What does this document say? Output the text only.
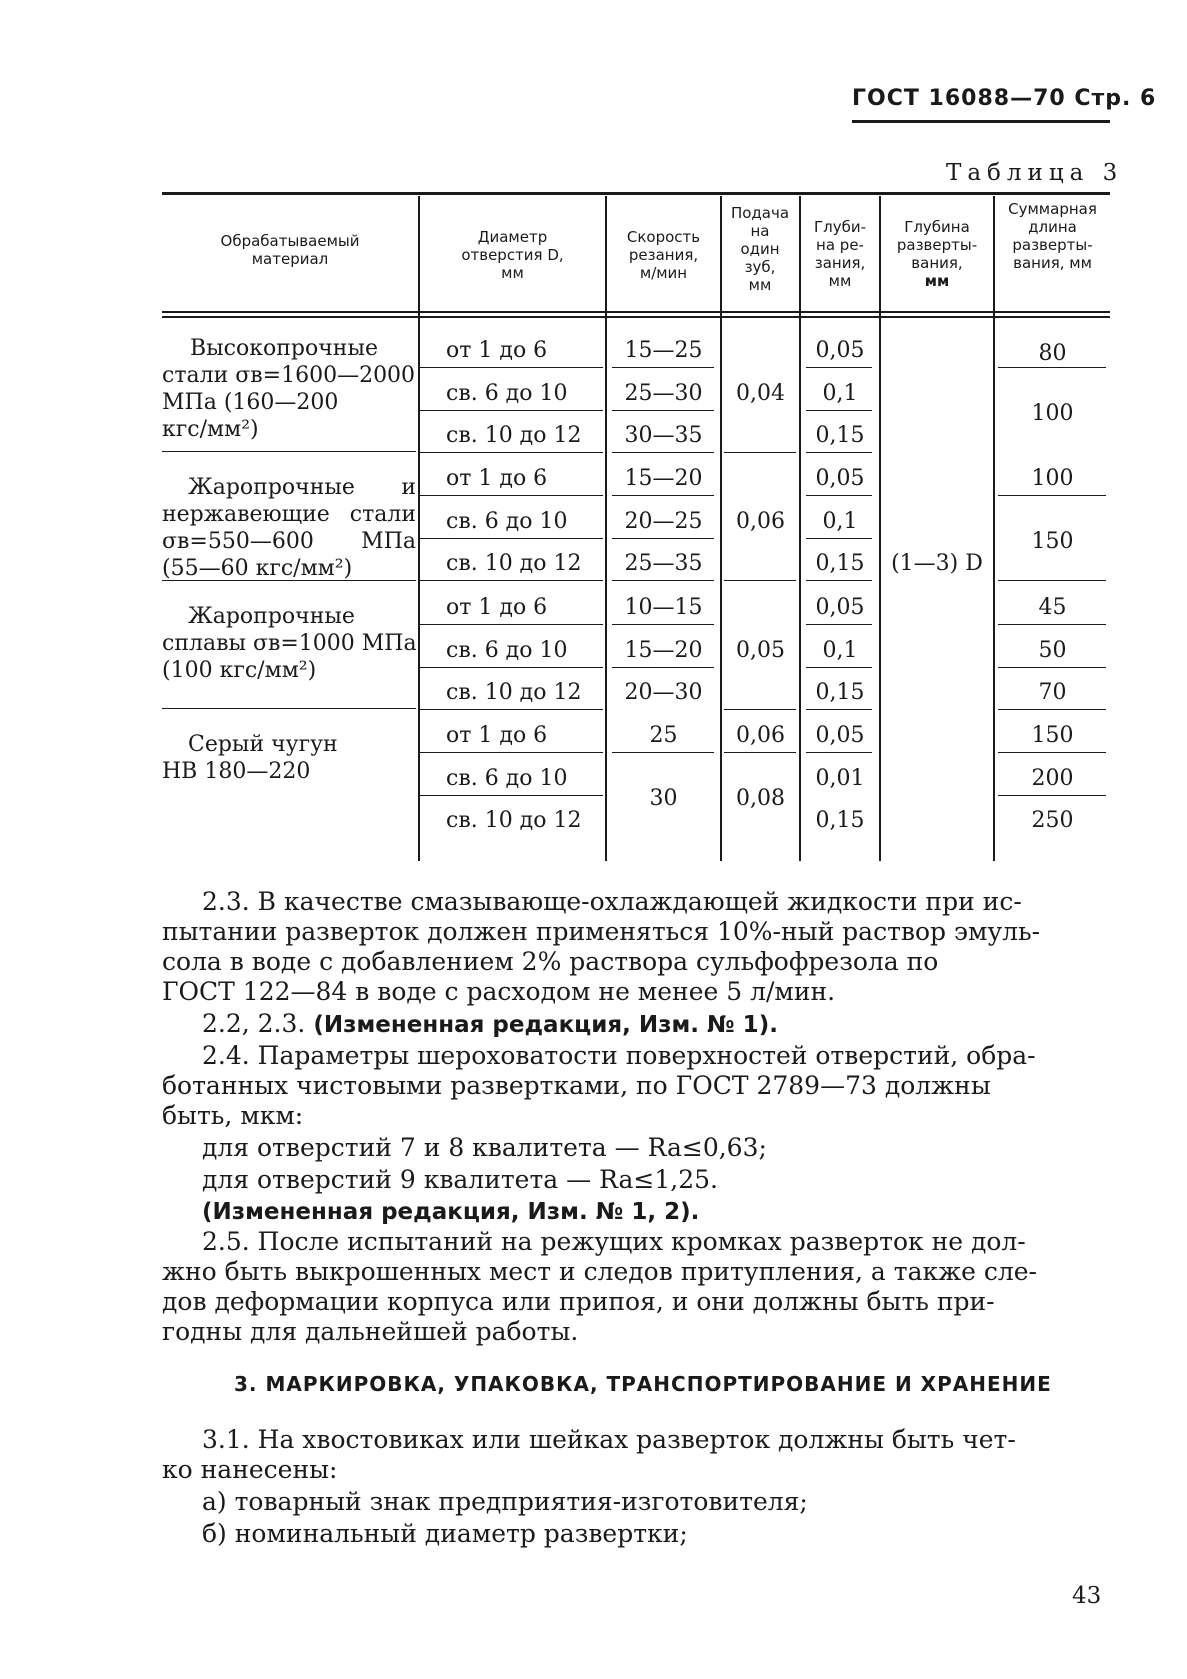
ГОСТ 16088—70 Стр. 6
Таблица 3
Обрабатываемый
материал
Диаметр
отверстия D,
мм
Скорость
резания,
м/мин
Подача
на
один
зуб,
мм
Глуби-
на ре-
зания,
мм
Глубина
разверты-
вания,
мм
Суммарная
длина
разверты-
вания, мм
Высокопрочные
стали σв=1600—2000
МПа (160—200
кгс/мм²)
Жаропрочные и
нержавеющие стали
σв=550—600 МПа
(55—60 кгс/мм²)
Жаропрочные
сплавы σв=1000 МПа
(100 кгс/мм²)
Серый чугун
НВ 180—220
от 1 до 6
св. 6 до 10
св. 10 до 12
от 1 до 6
св. 6 до 10
св. 10 до 12
от 1 до 6
св. 6 до 10
св. 10 до 12
от 1 до 6
св. 6 до 10
св. 10 до 12
15—25
25—30
30—35
15—20
20—25
25—35
10—15
15—20
20—30
25
30
0,04
0,06
0,05
0,06
0,08
0,05
0,1
0,15
0,05
0,1
0,15
0,05
0,1
0,15
0,05
0,01
0,15
(1—3) D
80
100
100
150
45
50
70
150
200
250
2.3. В качестве смазывающе-охлаждающей жидкости при ис-
пытании разверток должен применяться 10%-ный раствор эмуль-
сола в воде с добавлением 2% раствора сульфофрезола по
ГОСТ 122—84 в воде с расходом не менее 5 л/мин.
2.2, 2.3. (Измененная редакция, Изм. № 1).
2.4. Параметры шероховатости поверхностей отверстий, обра-
ботанных чистовыми развертками, по ГОСТ 2789—73 должны
быть, мкм:
для отверстий 7 и 8 квалитета — Ra≤0,63;
для отверстий 9 квалитета — Ra≤1,25.
(Измененная редакция, Изм. № 1, 2).
2.5. После испытаний на режущих кромках разверток не дол-
жно быть выкрошенных мест и следов притупления, а также сле-
дов деформации корпуса или припоя, и они должны быть при-
годны для дальнейшей работы.
3. МАРКИРОВКА, УПАКОВКА, ТРАНСПОРТИРОВАНИЕ И ХРАНЕНИЕ
3.1. На хвостовиках или шейках разверток должны быть чет-
ко нанесены:
а) товарный знак предприятия-изготовителя;
б) номинальный диаметр развертки;
43
